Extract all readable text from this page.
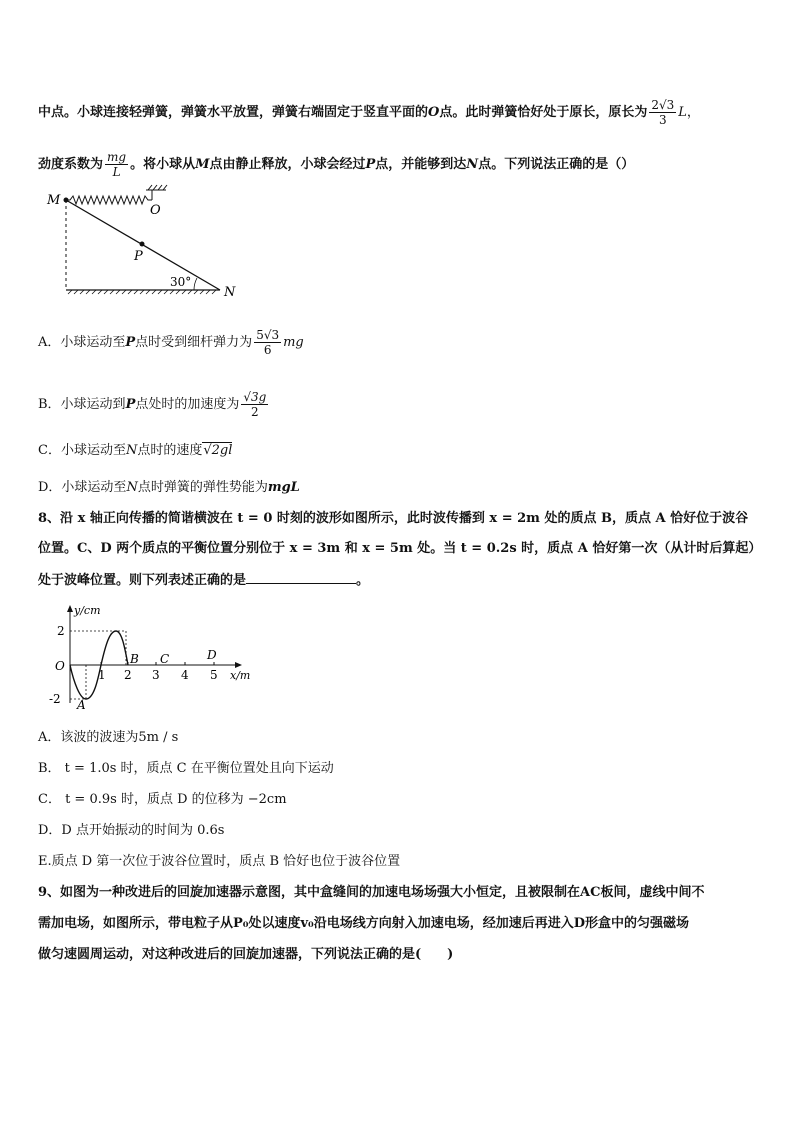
中点。小球连接轻弹簧，弹簧水平放置，弹簧右端固定于竖直平面的O点。此时弹簧恰好处于原长，原长为 $\frac{2√3}{3}$ L，
劲度系数为 $\frac{mg}{L}$ 。将小球从M点由静止释放，小球会经过P点，并能够到达N点。下列说法正确的是（）
M
O
P
N
30°
A．小球运动至P点时受到细杆弹力为 $\frac{5√3}{6}$ mg
B．小球运动到P点处时的加速度为 $\frac{√3g}{2}$
C．小球运动至N点时的速度√2gl
D．小球运动至N点时弹簧的弹性势能为mgL
8、沿 x 轴正向传播的简谐横波在 t = 0 时刻的波形如图所示，此时波传播到 x = 2m 处的质点 B，质点 A 恰好位于波谷
位置。C、D 两个质点的平衡位置分别位于 x = 3m 和 x = 5m 处。当 t = 0.2s 时，质点 A 恰好第一次（从计时后算起）
处于波峰位置。则下列表述正确的是	。
y/cm
x/m
O
2
-2
1 2 3 4 5
A
B C	D
A．该波的波速为5m / s
B． t = 1.0s 时，质点 C 在平衡位置处且向下运动
C． t = 0.9s 时，质点 D 的位移为 −2cm
D．D 点开始振动的时间为 0.6s
E.质点 D 第一次位于波谷位置时，质点 B 恰好也位于波谷位置
9、如图为一种改进后的回旋加速器示意图，其中盒缝间的加速电场场强大小恒定，且被限制在AC板间，虚线中间不
需加电场，如图所示，带电粒子从P₀处以速度v₀沿电场线方向射入加速电场，经加速后再进入D形盒中的匀强磁场
做匀速圆周运动，对这种改进后的回旋加速器，下列说法正确的是(　　)
